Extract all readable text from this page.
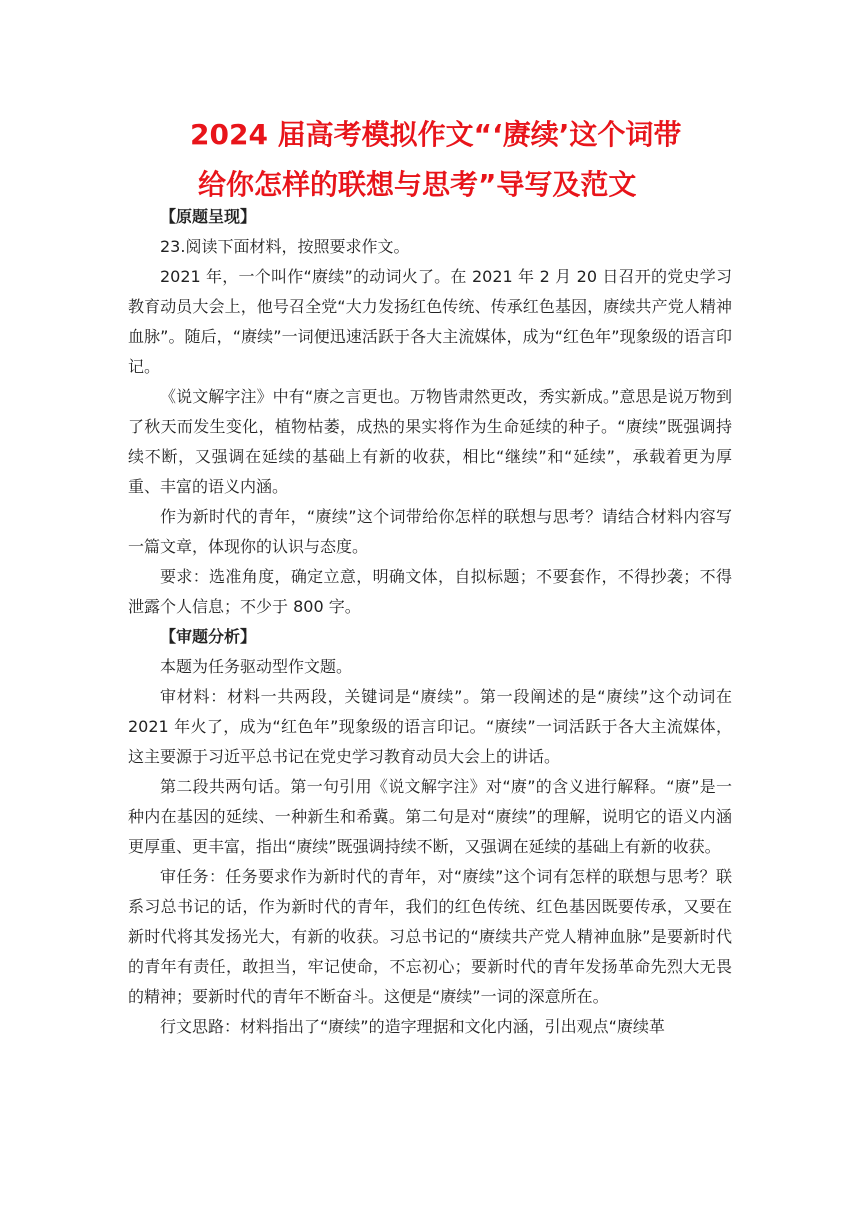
2024 届高考模拟作文“‘赓续’这个词带
给你怎样的联想与思考”导写及范文

【原题呈现】

23.阅读下面材料，按照要求作文。

2021 年，一个叫作“赓续”的动词火了。在 2021 年 2 月 20 日召开的党史学习教育动员大会上，他号召全党“大力发扬红色传统、传承红色基因，赓续共产党人精神血脉”。随后，“赓续”一词便迅速活跃于各大主流媒体，成为“红色年”现象级的语言印记。

《说文解字注》中有“赓之言更也。万物皆肃然更改，秀实新成。”意思是说万物到了秋天而发生变化，植物枯萎，成热的果实将作为生命延续的种子。“赓续”既强调持续不断，又强调在延续的基础上有新的收获，相比“继续”和“延续”，承载着更为厚重、丰富的语义内涵。

作为新时代的青年，“赓续”这个词带给你怎样的联想与思考？请结合材料内容写一篇文章，体现你的认识与态度。

要求：选准角度，确定立意，明确文体，自拟标题；不要套作，不得抄袭；不得泄露个人信息；不少于 800 字。

【审题分析】

本题为任务驱动型作文题。

审材料：材料一共两段，关键词是“赓续”。第一段阐述的是“赓续”这个动词在 2021 年火了，成为“红色年”现象级的语言印记。“赓续”一词活跃于各大主流媒体，这主要源于习近平总书记在党史学习教育动员大会上的讲话。

第二段共两句话。第一句引用《说文解字注》对“赓”的含义进行解释。“赓”是一种内在基因的延续、一种新生和希冀。第二句是对“赓续”的理解，说明它的语义内涵更厚重、更丰富，指出“赓续”既强调持续不断，又强调在延续的基础上有新的收获。

审任务：任务要求作为新时代的青年，对“赓续”这个词有怎样的联想与思考？联系习总书记的话，作为新时代的青年，我们的红色传统、红色基因既要传承，又要在新时代将其发扬光大，有新的收获。习总书记的“赓续共产党人精神血脉”是要新时代的青年有责任，敢担当，牢记使命，不忘初心；要新时代的青年发扬革命先烈大无畏的精神；要新时代的青年不断奋斗。这便是“赓续”一词的深意所在。

行文思路：材料指出了“赓续”的造字理据和文化内涵，引出观点“赓续革
